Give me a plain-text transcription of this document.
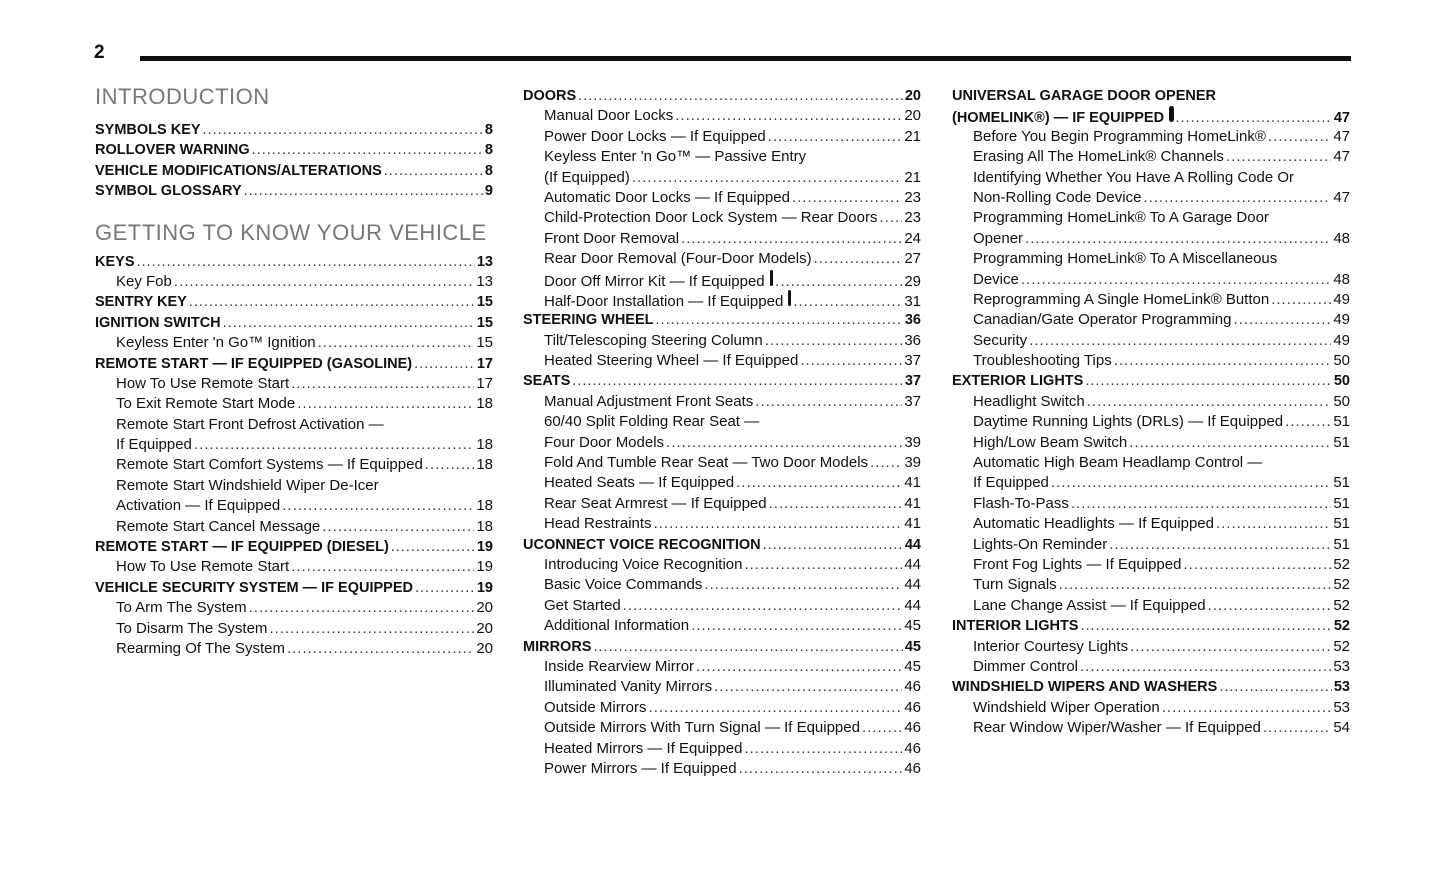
2
INTRODUCTION
SYMBOLS KEY .....	8
ROLLOVER WARNING .....	8
VEHICLE MODIFICATIONS/ALTERATIONS .....	8
SYMBOL GLOSSARY .....	9
GETTING TO KNOW YOUR VEHICLE
KEYS .....	13
Key Fob .....	13
SENTRY KEY .....	15
IGNITION SWITCH .....	15
Keyless Enter 'n Go™ Ignition .....	15
REMOTE START — IF EQUIPPED (GASOLINE) .....	17
How To Use Remote Start .....	17
To Exit Remote Start Mode .....	18
Remote Start Front Defrost Activation —
If Equipped .....	18
Remote Start Comfort Systems — If Equipped .....	18
Remote Start Windshield Wiper De-Icer
Activation — If Equipped .....	18
Remote Start Cancel Message .....	18
REMOTE START — IF EQUIPPED (DIESEL) .....	19
How To Use Remote Start .....	19
VEHICLE SECURITY SYSTEM — IF EQUIPPED .....	19
To Arm The System .....	20
To Disarm The System .....	20
Rearming Of The System .....	20
DOORS .....	20
Manual Door Locks .....	20
Power Door Locks — If Equipped .....	21
Keyless Enter 'n Go™ — Passive Entry
(If Equipped) .....	21
Automatic Door Locks — If Equipped .....	23
Child-Protection Door Lock System — Rear Doors ..... 23
Front Door Removal .....	24
Rear Door Removal (Four-Door Models) .....	27
Door Off Mirror Kit — If Equipped .....	29
Half-Door Installation — If Equipped .....	31
STEERING WHEEL .....	36
Tilt/Telescoping Steering Column .....	36
Heated Steering Wheel — If Equipped .....	37
SEATS .....	37
Manual Adjustment Front Seats .....	37
60/40 Split Folding Rear Seat —
Four Door Models .....	39
Fold And Tumble Rear Seat — Two Door Models ..... 39
Heated Seats — If Equipped .....	41
Rear Seat Armrest — If Equipped .....	41
Head Restraints .....	41
UCONNECT VOICE RECOGNITION .....	44
Introducing Voice Recognition .....	44
Basic Voice Commands .....	44
Get Started .....	44
Additional Information .....	45
MIRRORS .....	45
Inside Rearview Mirror .....	45
Illuminated Vanity Mirrors .....	46
Outside Mirrors .....	46
Outside Mirrors With Turn Signal — If Equipped .....	46
Heated Mirrors — If Equipped .....	46
Power Mirrors — If Equipped .....	46
UNIVERSAL GARAGE DOOR OPENER
(HOMELINK®) — IF EQUIPPED .....	47
Before You Begin Programming HomeLink® .....	47
Erasing All The HomeLink® Channels .....	47
Identifying Whether You Have A Rolling Code Or
Non-Rolling Code Device .....	47
Programming HomeLink® To A Garage Door
Opener .....	48
Programming HomeLink® To A Miscellaneous
Device .....	48
Reprogramming A Single HomeLink® Button .....	49
Canadian/Gate Operator Programming .....	49
Security .....	49
Troubleshooting Tips .....	50
EXTERIOR LIGHTS .....	50
Headlight Switch .....	50
Daytime Running Lights (DRLs) — If Equipped .....	51
High/Low Beam Switch .....	51
Automatic High Beam Headlamp Control —
If Equipped .....	51
Flash-To-Pass .....	51
Automatic Headlights — If Equipped .....	51
Lights-On Reminder .....	51
Front Fog Lights — If Equipped .....	52
Turn Signals .....	52
Lane Change Assist — If Equipped .....	52
INTERIOR LIGHTS .....	52
Interior Courtesy Lights .....	52
Dimmer Control .....	53
WINDSHIELD WIPERS AND WASHERS .....	53
Windshield Wiper Operation .....	53
Rear Window Wiper/Washer — If Equipped .....	54
